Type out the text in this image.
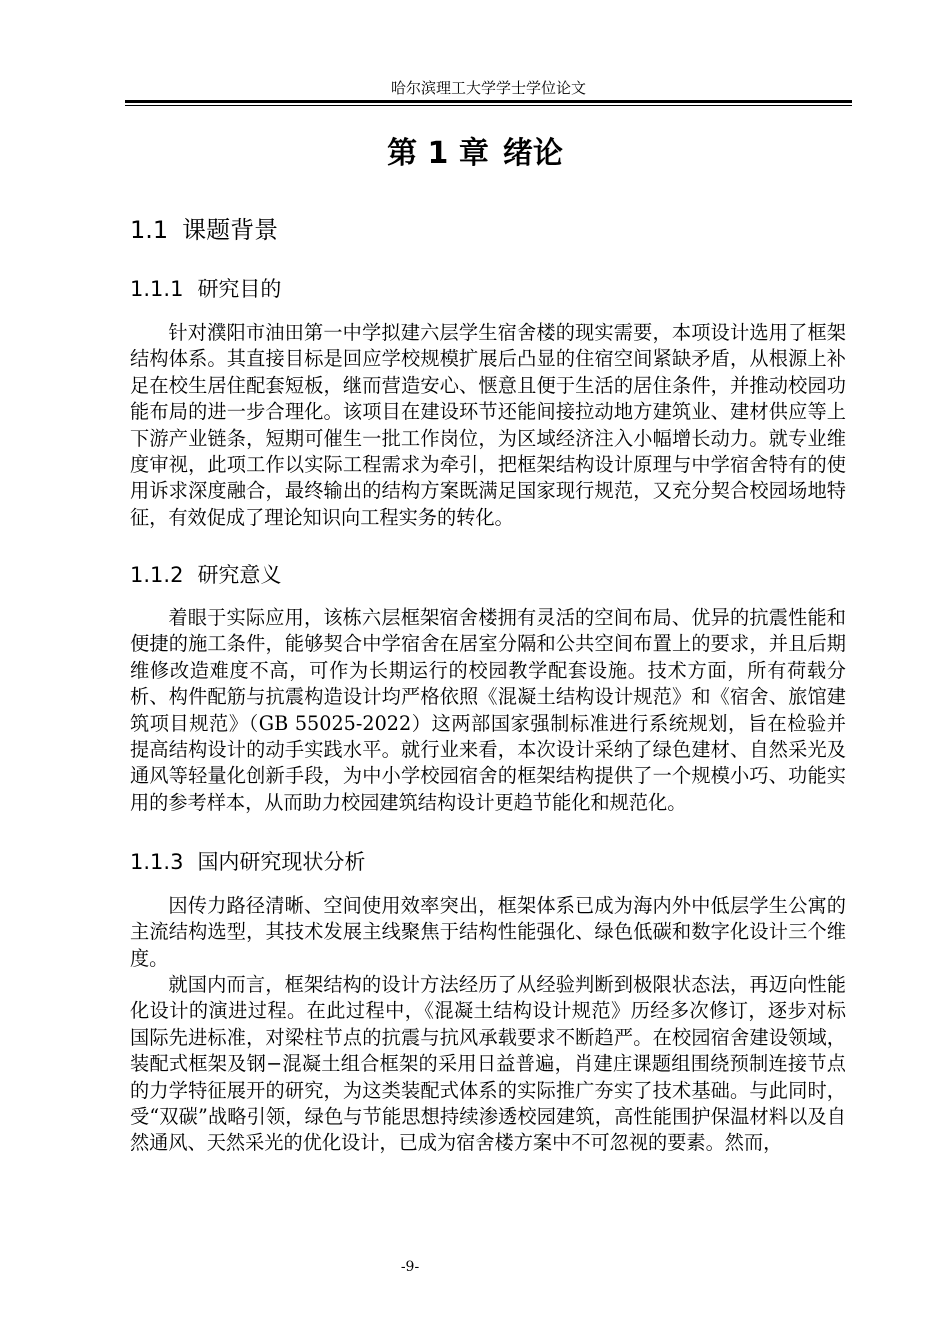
哈尔滨理工大学学士学位论文
第 1 章 绪论
1.1 课题背景
1.1.1 研究目的

针对濮阳市油田第一中学拟建六层学生宿舍楼的现实需要，本项设计选用了框架结构体系。其直接目标是回应学校规模扩展后凸显的住宿空间紧缺矛盾，从根源上补足在校生居住配套短板，继而营造安心、惬意且便于生活的居住条件，并推动校园功能布局的进一步合理化。该项目在建设环节还能间接拉动地方建筑业、建材供应等上下游产业链条，短期可催生一批工作岗位，为区域经济注入小幅增长动力。就专业维度审视，此项工作以实际工程需求为牵引，把框架结构设计原理与中学宿舍特有的使用诉求深度融合，最终输出的结构方案既满足国家现行规范，又充分契合校园场地特征，有效促成了理论知识向工程实务的转化。

1.1.2 研究意义

着眼于实际应用，该栋六层框架宿舍楼拥有灵活的空间布局、优异的抗震性能和便捷的施工条件，能够契合中学宿舍在居室分隔和公共空间布置上的要求，并且后期维修改造难度不高，可作为长期运行的校园教学配套设施。技术方面，所有荷载分析、构件配筋与抗震构造设计均严格依照《混凝土结构设计规范》和《宿舍、旅馆建筑项目规范》（GB 55025-2022）这两部国家强制标准进行系统规划，旨在检验并提高结构设计的动手实践水平。就行业来看，本次设计采纳了绿色建材、自然采光及通风等轻量化创新手段，为中小学校园宿舍的框架结构提供了一个规模小巧、功能实用的参考样本，从而助力校园建筑结构设计更趋节能化和规范化。

1.1.3 国内研究现状分析

因传力路径清晰、空间使用效率突出，框架体系已成为海内外中低层学生公寓的主流结构选型，其技术发展主线聚焦于结构性能强化、绿色低碳和数字化设计三个维度。

就国内而言，框架结构的设计方法经历了从经验判断到极限状态法，再迈向性能化设计的演进过程。在此过程中，《混凝土结构设计规范》历经多次修订，逐步对标国际先进标准，对梁柱节点的抗震与抗风承载要求不断趋严。在校园宿舍建设领域，装配式框架及钢−混凝土组合框架的采用日益普遍，肖建庄课题组围绕预制连接节点的力学特征展开的研究，为这类装配式体系的实际推广夯实了技术基础。与此同时，受“双碳”战略引领，绿色与节能思想持续渗透校园建筑，高性能围护保温材料以及自然通风、天然采光的优化设计，已成为宿舍楼方案中不可忽视的要素。然而，

-9-
